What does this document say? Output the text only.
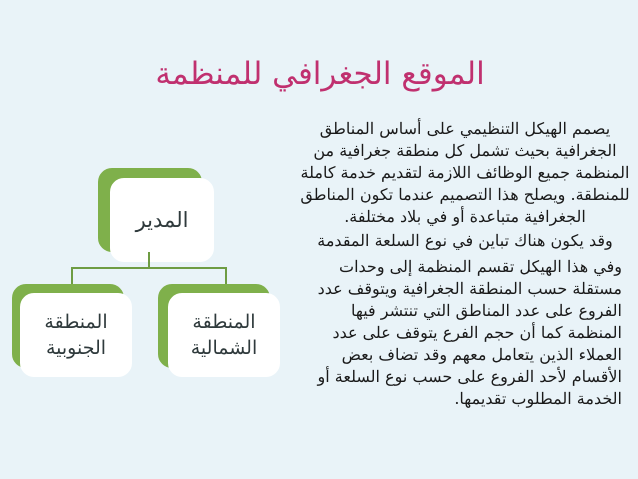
الموقع الجغرافي للمنظمة
المدير
المنطقة
الشمالية
المنطقة
الجنوبية

يصمم الهيكل التنظيمي على أساس المناطق الجغرافية بحيث تشمل كل منطقة جغرافية من المنظمة جميع الوظائف اللازمة لتقديم خدمة كاملة للمنطقة. ويصلح هذا التصميم عندما تكون المناطق الجغرافية متباعدة أو في بلاد مختلفة.

وقد يكون هناك تباين في نوع السلعة المقدمة

وفي هذا الهيكل تقسم المنظمة إلى وحدات مستقلة حسب المنطقة الجغرافية ويتوقف عدد الفروع على عدد المناطق التي تنتشر فيها المنظمة كما أن حجم الفرع يتوقف على عدد العملاء الذين يتعامل معهم وقد تضاف بعض الأقسام لأحد الفروع على حسب نوع السلعة أو الخدمة المطلوب تقديمها.
